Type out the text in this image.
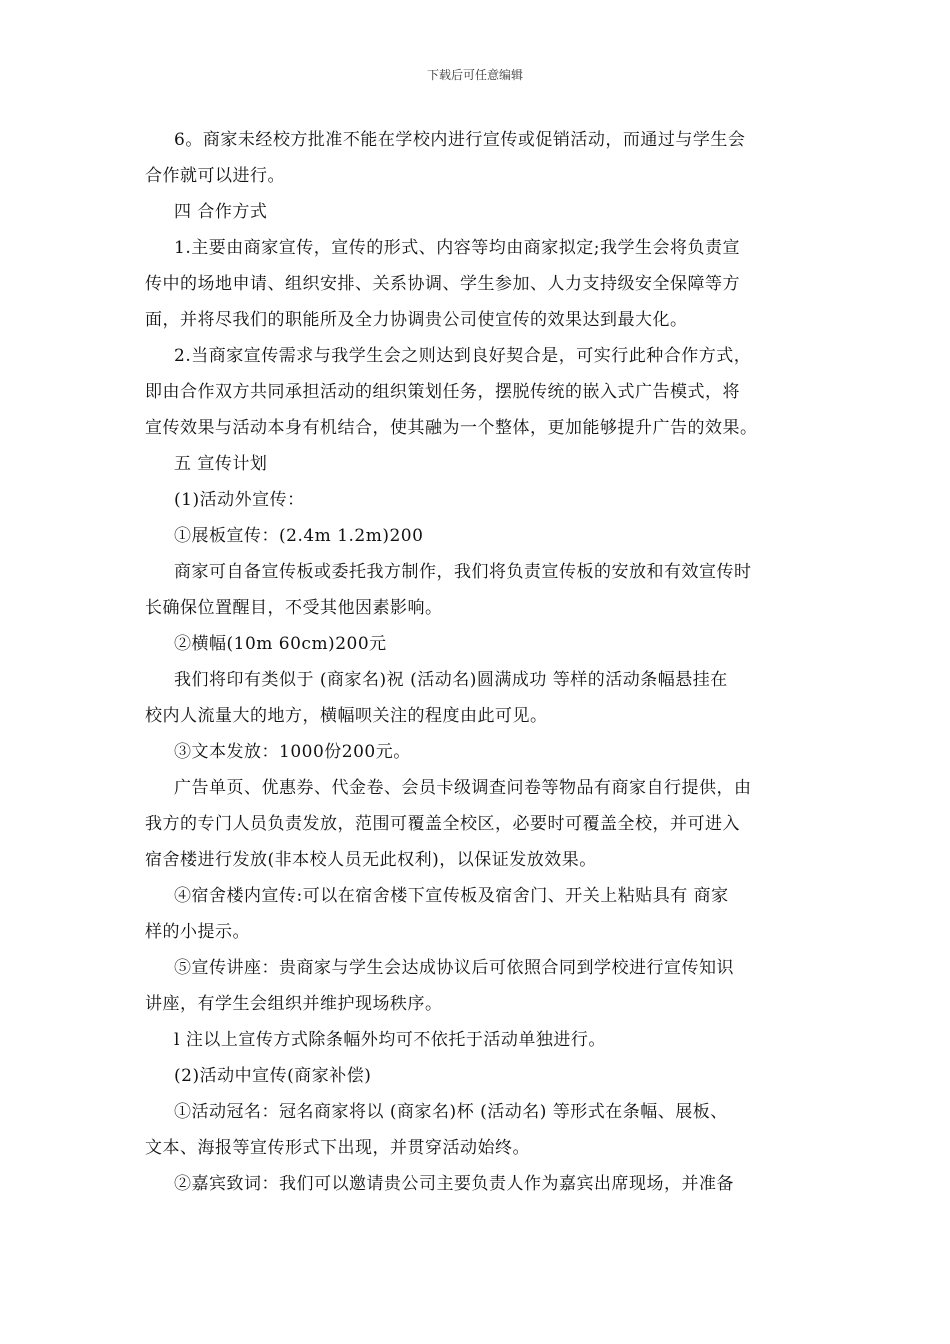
下载后可任意编辑
6。商家未经校方批准不能在学校内进行宣传或促销活动，而通过与学生会
合作就可以进行。
四 合作方式
1.主要由商家宣传，宣传的形式、内容等均由商家拟定;我学生会将负责宣
传中的场地申请、组织安排、关系协调、学生参加、人力支持级安全保障等方
面，并将尽我们的职能所及全力协调贵公司使宣传的效果达到最大化。
2.当商家宣传需求与我学生会之则达到良好契合是，可实行此种合作方式，
即由合作双方共同承担活动的组织策划任务，摆脱传统的嵌入式广告模式，将
宣传效果与活动本身有机结合，使其融为一个整体，更加能够提升广告的效果。
五 宣传计划
(1)活动外宣传：
①展板宣传：(2.4m 1.2m)200
商家可自备宣传板或委托我方制作，我们将负责宣传板的安放和有效宣传时
长确保位置醒目，不受其他因素影响。
②横幅(10m 60cm)200元
我们将印有类似于 (商家名)祝 (活动名)圆满成功 等样的活动条幅悬挂在
校内人流量大的地方，横幅呗关注的程度由此可见。
③文本发放：1000份200元。
广告单页、优惠券、代金卷、会员卡级调查问卷等物品有商家自行提供，由
我方的专门人员负责发放，范围可覆盖全校区，必要时可覆盖全校，并可进入
宿舍楼进行发放(非本校人员无此权利)，以保证发放效果。
④宿舍楼内宣传:可以在宿舍楼下宣传板及宿舍门、开关上粘贴具有 商家
样的小提示。
⑤宣传讲座：贵商家与学生会达成协议后可依照合同到学校进行宣传知识
讲座，有学生会组织并维护现场秩序。
l 注以上宣传方式除条幅外均可不依托于活动单独进行。
(2)活动中宣传(商家补偿)
①活动冠名：冠名商家将以 (商家名)杯 (活动名) 等形式在条幅、展板、
文本、海报等宣传形式下出现，并贯穿活动始终。
②嘉宾致词：我们可以邀请贵公司主要负责人作为嘉宾出席现场，并准备
